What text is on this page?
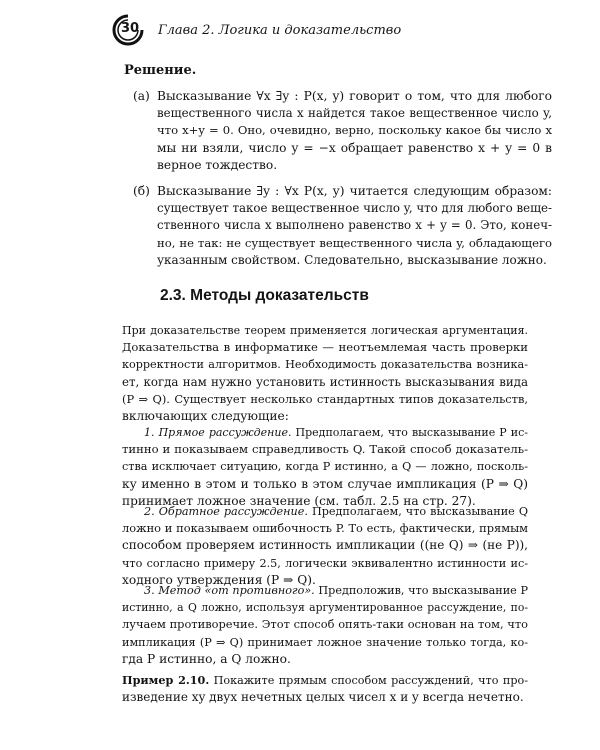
30	Глава 2. Логика и доказательство
Решение.
(а) Высказывание ∀x ∃y : P(x, y) говорит о том, что для любого
вещественного числа x найдется такое вещественное число y,
что x+y = 0. Оно, очевидно, верно, поскольку какое бы число x
мы ни взяли, число y = −x обращает равенство x + y = 0 в
верное тождество.
(б) Высказывание ∃y : ∀x P(x, y) читается следующим образом:
существует такое вещественное число y, что для любого веще-
ственного числа x выполнено равенство x + y = 0. Это, конеч-
но, не так: не существует вещественного числа y, обладающего
указанным свойством. Следовательно, высказывание ложно.
2.3. Методы доказательств
При доказательстве теорем применяется логическая аргументация.
Доказательства в информатике — неотъемлемая часть проверки
корректности алгоритмов. Необходимость доказательства возника-
ет, когда нам нужно установить истинность высказывания вида
(P ⇒ Q). Существует несколько стандартных типов доказательств,
включающих следующие:
1. Прямое рассуждение. Предполагаем, что высказывание P ис-
тинно и показываем справедливость Q. Такой способ доказатель-
ства исключает ситуацию, когда P истинно, а Q — ложно, посколь-
ку именно в этом и только в этом случае импликация (P ⇒ Q)
принимает ложное значение (см. табл. 2.5 на стр. 27).
2. Обратное рассуждение. Предполагаем, что высказывание Q
ложно и показываем ошибочность P. То есть, фактически, прямым
способом проверяем истинность импликации ((не Q) ⇒ (не P)),
что согласно примеру 2.5, логически эквивалентно истинности ис-
ходного утверждения (P ⇒ Q).
3. Метод «от противного». Предположив, что высказывание P
истинно, а Q ложно, используя аргументированное рассуждение, по-
лучаем противоречие. Этот способ опять-таки основан на том, что
импликация (P ⇒ Q) принимает ложное значение только тогда, ко-
гда P истинно, а Q ложно.
Пример 2.10. Покажите прямым способом рассуждений, что про-
изведение xy двух нечетных целых чисел x и y всегда нечетно.
